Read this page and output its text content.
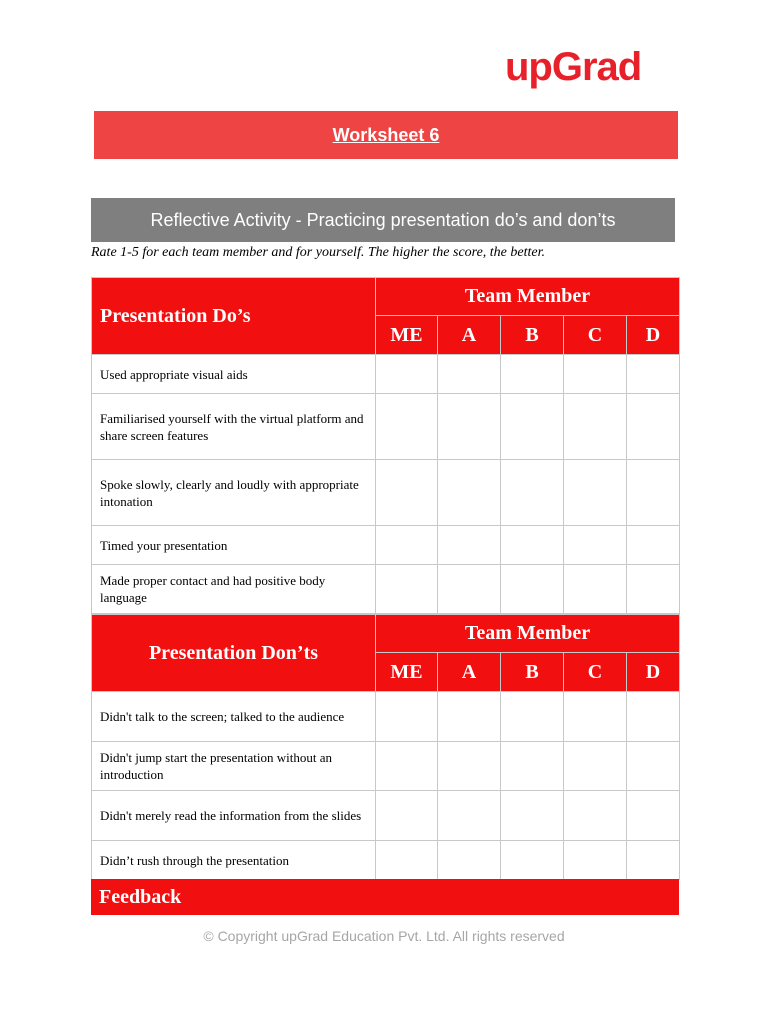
upGrad
Worksheet 6
Reflective Activity - Practicing presentation do’s and don’ts
Rate 1-5 for each team member and for yourself. The higher the score, the better.
Presentation Do’s	Team Member				
	ME	A	B	C	D
Used appropriate visual aids					
Familiarised yourself with the virtual platform and share screen features					
Spoke slowly, clearly and loudly with appropriate intonation					
Timed your presentation					
Made proper contact and had positive body language					
Presentation Don’ts	Team Member				
	ME	A	B	C	D
Didn't talk to the screen; talked to the audience					
Didn't jump start the presentation without an introduction					
Didn't merely read the information from the slides					
Didn’t rush through the presentation					
Feedback
© Copyright upGrad Education Pvt. Ltd. All rights reserved
